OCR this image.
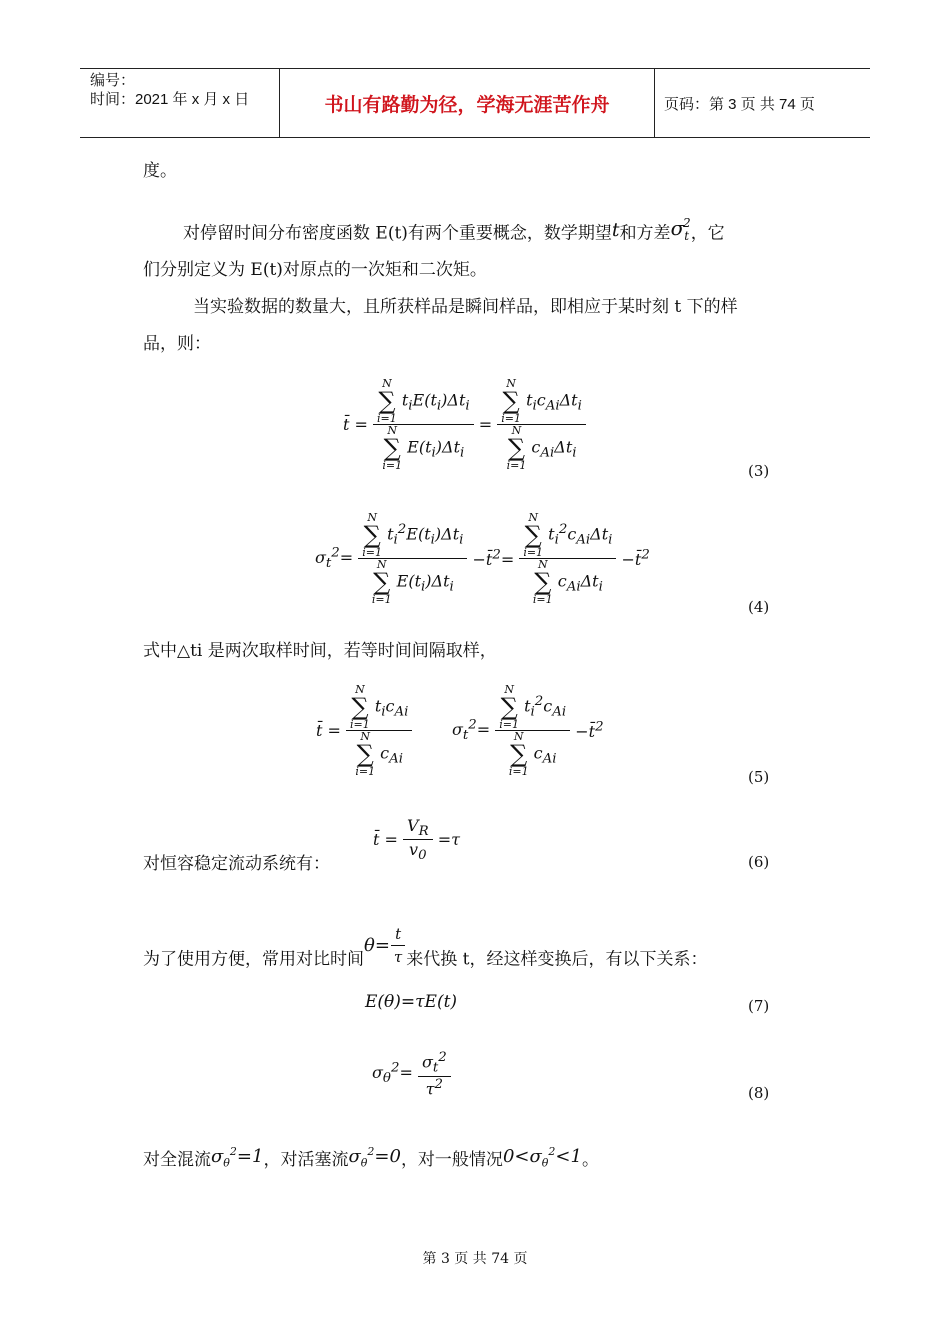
编号：
时间：2021 年 x 月 x 日	书山有路勤为径，学海无涯苦作舟	页码：第 3 页 共 74 页
度。
对停留时间分布密度函数 E(t)有两个重要概念，数学期望t和方差$\sigma_t^2$，它
们分别定义为 E(t)对原点的一次矩和二次矩。
当实验数据的数量大，且所获样品是瞬间样品，即相应于某时刻 t 下的样
品，则：
t̄ = N
∑
i=1
$t_iE(t_i)\Delta t_i$
N
∑
i=1
$E(t_i)\Delta t_i = N$
∑
i=1
$t_ic_{Ai}\Delta t_i$
N
∑
i=1
$c_{Ai}\Delta t_i$	(3)
$\sigma_t^2= N$
∑
i=1
$t_i^2E(t_i)\Delta t_i$
N
∑
i=1
$E(t_i)\Delta t_i$ −t̄$^2$= N
∑
i=1
$t_i^2c_{Ai}\Delta t_i$
N
∑
i=1
$c_{Ai}\Delta t_i$ −t̄$^2$
(4)
式中△ti 是两次取样时间，若等时间间隔取样，
t̄ = N
∑
i=1
$t_ic_{Ai}$
N
∑
i=1
$c_{Ai}$ $\sigma_t^2= N$
∑
i=1
$t_i^2c_{Ai}$
N
∑
i=1
$c_{Ai}$ −t̄$^2$
(5)
对恒容稳定流动系统有：
t̄ = $\frac{V_R}{v_0} =\tau$
(6)
为了使用方便，常用对比时间$\theta= \frac{t}{\tau}$ 来代换 t，经这样变换后，有以下关系：
E(θ)=τE(t)	(7)
$\sigma_\theta^2= \frac{\sigma_t^2}{\tau^2}$	(8)
对全混流$\sigma_\theta^2=1$，对活塞流$\sigma_\theta^2=0$，对一般情况$0<\sigma_\theta^2<1$。
第 3 页 共 74 页
